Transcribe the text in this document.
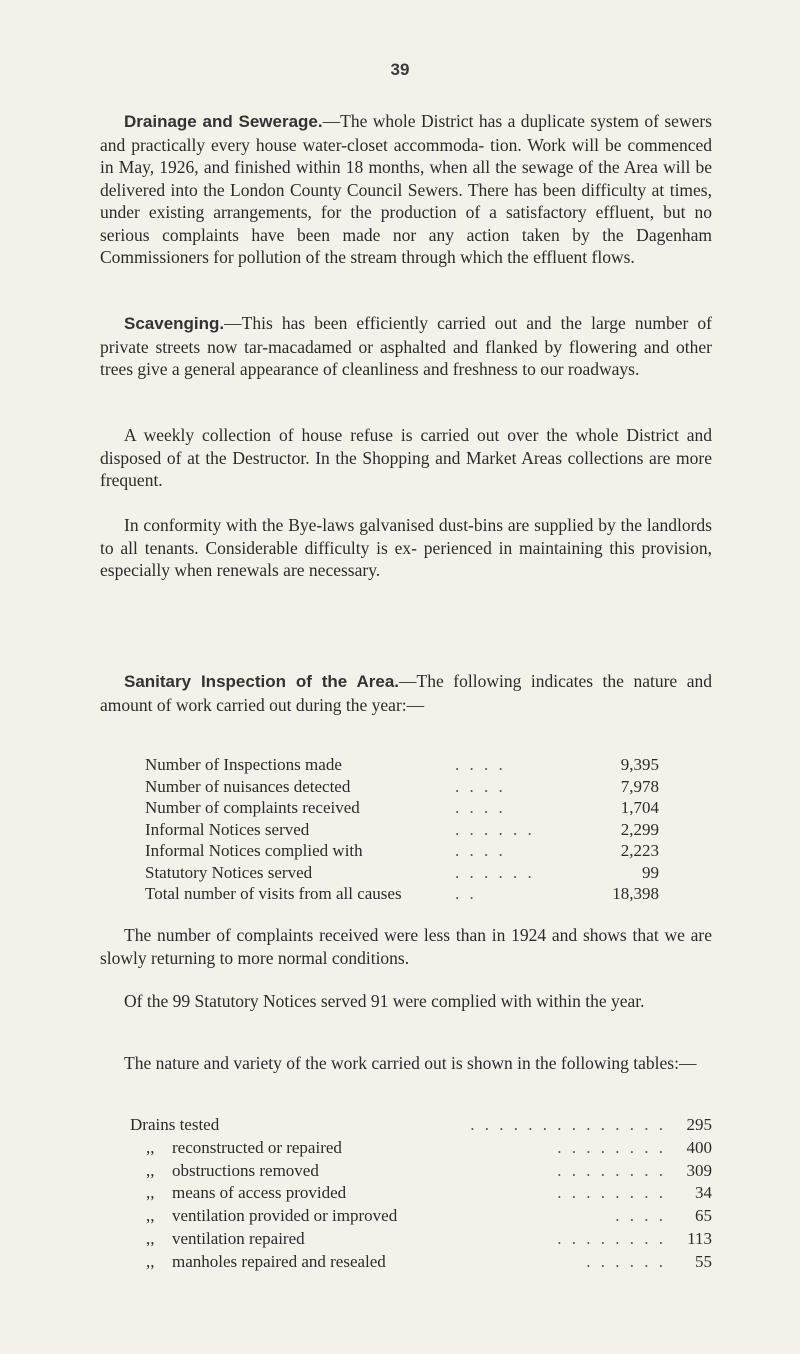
39

Drainage and Sewerage.—The whole District has a duplicate system of sewers and practically every house water-closet accommoda- tion. Work will be commenced in May, 1926, and finished within 18 months, when all the sewage of the Area will be delivered into the London County Council Sewers. There has been difficulty at times, under existing arrangements, for the production of a satisfactory effluent, but no serious complaints have been made nor any action taken by the Dagenham Commissioners for pollution of the stream through which the effluent flows.

Scavenging.—This has been efficiently carried out and the large number of private streets now tar-macadamed or asphalted and flanked by flowering and other trees give a general appearance of cleanliness and freshness to our roadways.

A weekly collection of house refuse is carried out over the whole District and disposed of at the Destructor. In the Shopping and Market Areas collections are more frequent.

In conformity with the Bye-laws galvanised dust-bins are supplied by the landlords to all tenants. Considerable difficulty is ex- perienced in maintaining this provision, especially when renewals are necessary.

Sanitary Inspection of the Area.—The following indicates the nature and amount of work carried out during the year:—

Number of Inspections made	. . . .	9,395
Number of nuisances detected	. . . .	7,978
Number of complaints received	. . . .	1,704
Informal Notices served	. . . . . .	2,299
Informal Notices complied with	. . . .	2,223
Statutory Notices served	. . . . . .	99
Total number of visits from all causes	. .	18,398

The number of complaints received were less than in 1924 and shows that we are slowly returning to more normal conditions.

Of the 99 Statutory Notices served 91 were complied with within the year.

The nature and variety of the work carried out is shown in the following tables:—

Drains tested	. . . . . . . . . . . . . .	295
,, reconstructed or repaired	. . . . . . . .	400
,, obstructions removed	. . . . . . . .	309
,, means of access provided	. . . . . . . .	34
,, ventilation provided or improved	. . . .	65
,, ventilation repaired	. . . . . . . .	113
,, manholes repaired and resealed	. . . . . .	55
